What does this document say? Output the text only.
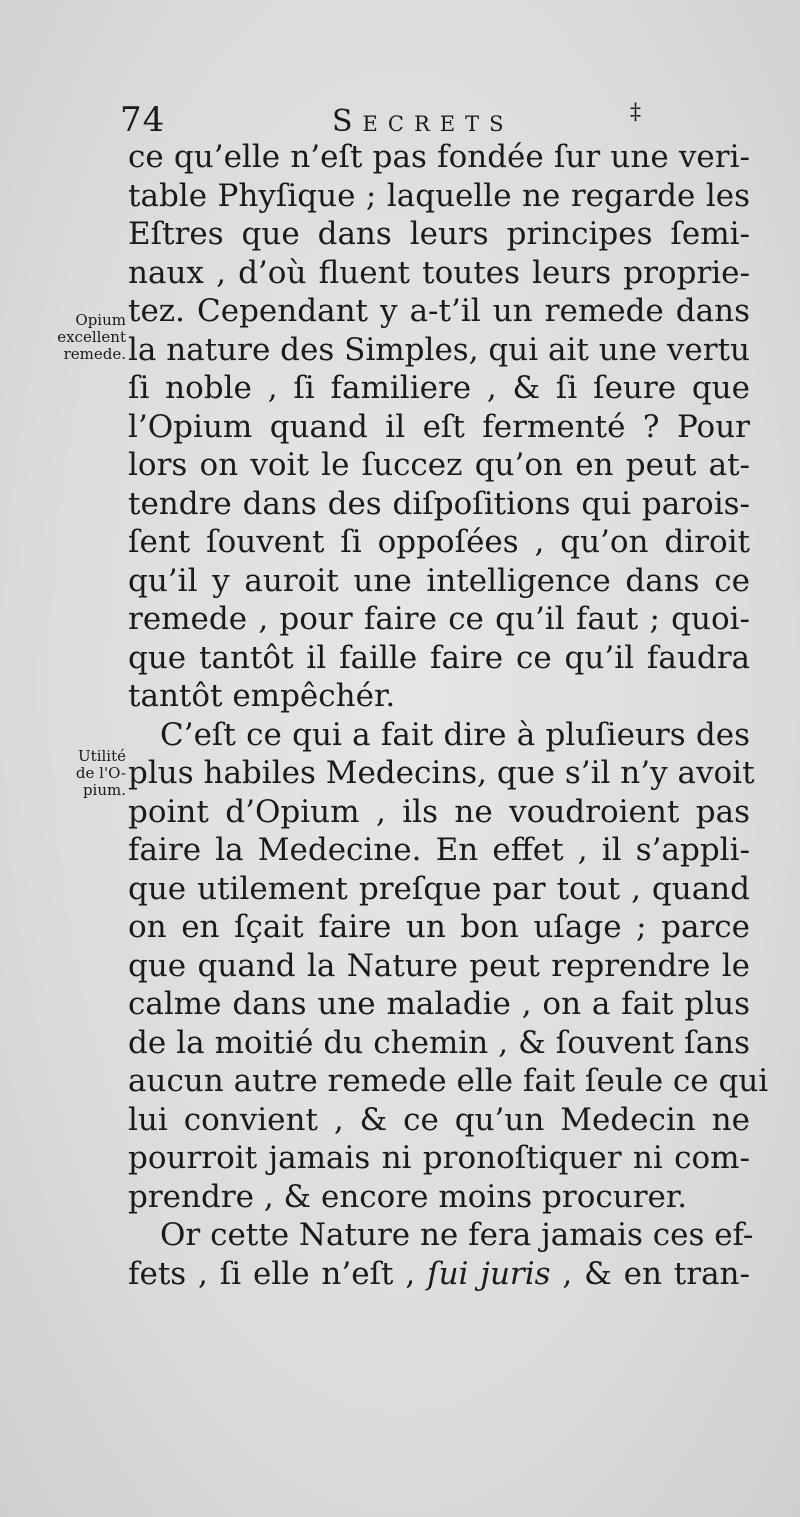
74	Secrets	‡
Opium
excellent
remede.
Utilité
de l'O-
pium.
ce qu’elle n’eſt pas fondée ſur une veri-
table Phyſique ; laquelle ne regarde les
Eſtres que dans leurs principes ſemi-
naux , d’où fluent toutes leurs proprie-
tez. Cependant y a-t’il un remede dans
la nature des Simples, qui ait une vertu
ſi noble , ſi familiere , & ſi ſeure que
l’Opium quand il eſt fermenté ? Pour
lors on voit le ſuccez qu’on en peut at-
tendre dans des diſpoſitions qui parois-
ſent ſouvent ſi oppoſées , qu’on diroit
qu’il y auroit une intelligence dans ce
remede , pour faire ce qu’il faut ; quoi-
que tantôt il faille faire ce qu’il faudra
tantôt empêchér.
C’eſt ce qui a fait dire à pluſieurs des
plus habiles Medecins, que s’il n’y avoit
point d’Opium , ils ne voudroient pas
faire la Medecine. En effet , il s’appli-
que utilement preſque par tout , quand
on en ſçait faire un bon uſage ; parce
que quand la Nature peut reprendre le
calme dans une maladie , on a fait plus
de la moitié du chemin , & ſouvent ſans
aucun autre remede elle fait ſeule ce qui
lui convient , & ce qu’un Medecin ne
pourroit jamais ni pronoſtiquer ni com-
prendre , & encore moins procurer.
Or cette Nature ne fera jamais ces ef-
fets , ſi elle n’eſt , ſui juris , & en tran-
